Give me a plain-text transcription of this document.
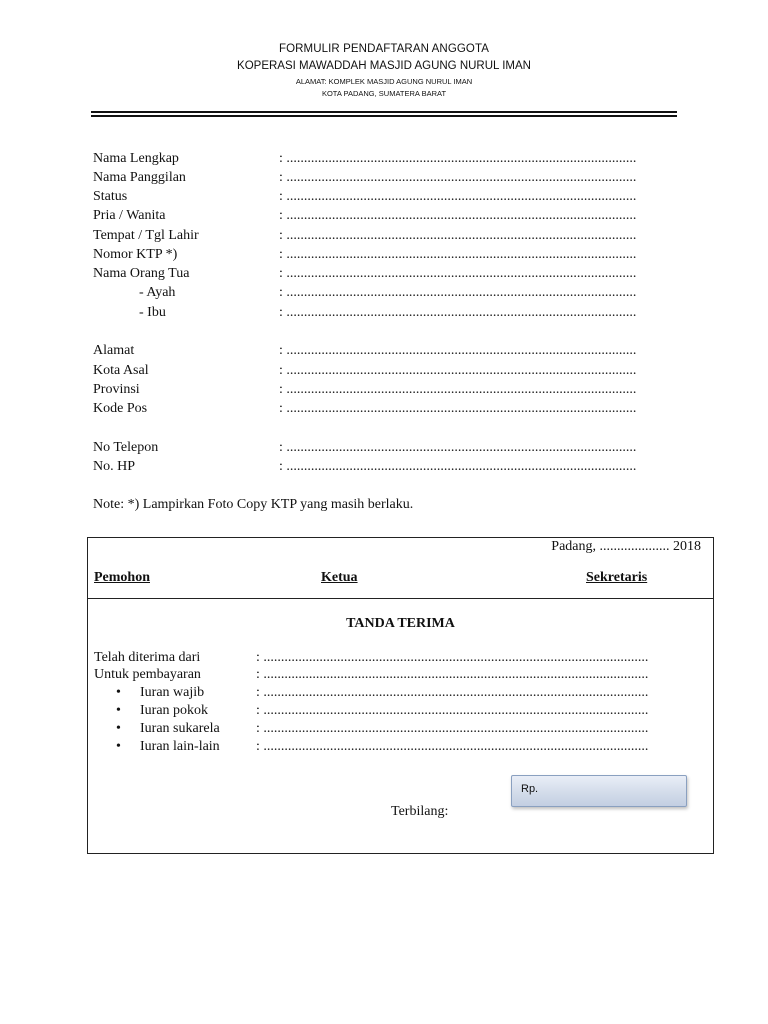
FORMULIR PENDAFTARAN ANGGOTA
KOPERASI MAWADDAH MASJID AGUNG NURUL IMAN
ALAMAT: KOMPLEK MASJID AGUNG NURUL IMAN
KOTA PADANG, SUMATERA BARAT
Nama Lengkap	: ....................................................................................................
Nama Panggilan	: ....................................................................................................
Status	: ....................................................................................................
Pria / Wanita	: ....................................................................................................
Tempat / Tgl Lahir	: ....................................................................................................
Nomor KTP *)	: ....................................................................................................
Nama Orang Tua	: ....................................................................................................
- Ayah	: ....................................................................................................
- Ibu	: ....................................................................................................
Alamat	: ....................................................................................................
Kota Asal	: ....................................................................................................
Provinsi	: ....................................................................................................
Kode Pos	: ....................................................................................................
No Telepon	: ....................................................................................................
No. HP	: ....................................................................................................
Note: *) Lampirkan Foto Copy KTP yang masih berlaku.
Padang, .................... 2018
Pemohon	Ketua	Sekretaris
TANDA TERIMA
Telah diterima dari	: ..............................................................................................................
Untuk pembayaran	: ..............................................................................................................
• Iuran wajib	: ..............................................................................................................
• Iuran pokok	: ..............................................................................................................
• Iuran sukarela	: ..............................................................................................................
• Iuran lain-lain	: ..............................................................................................................
Rp.
Terbilang:
